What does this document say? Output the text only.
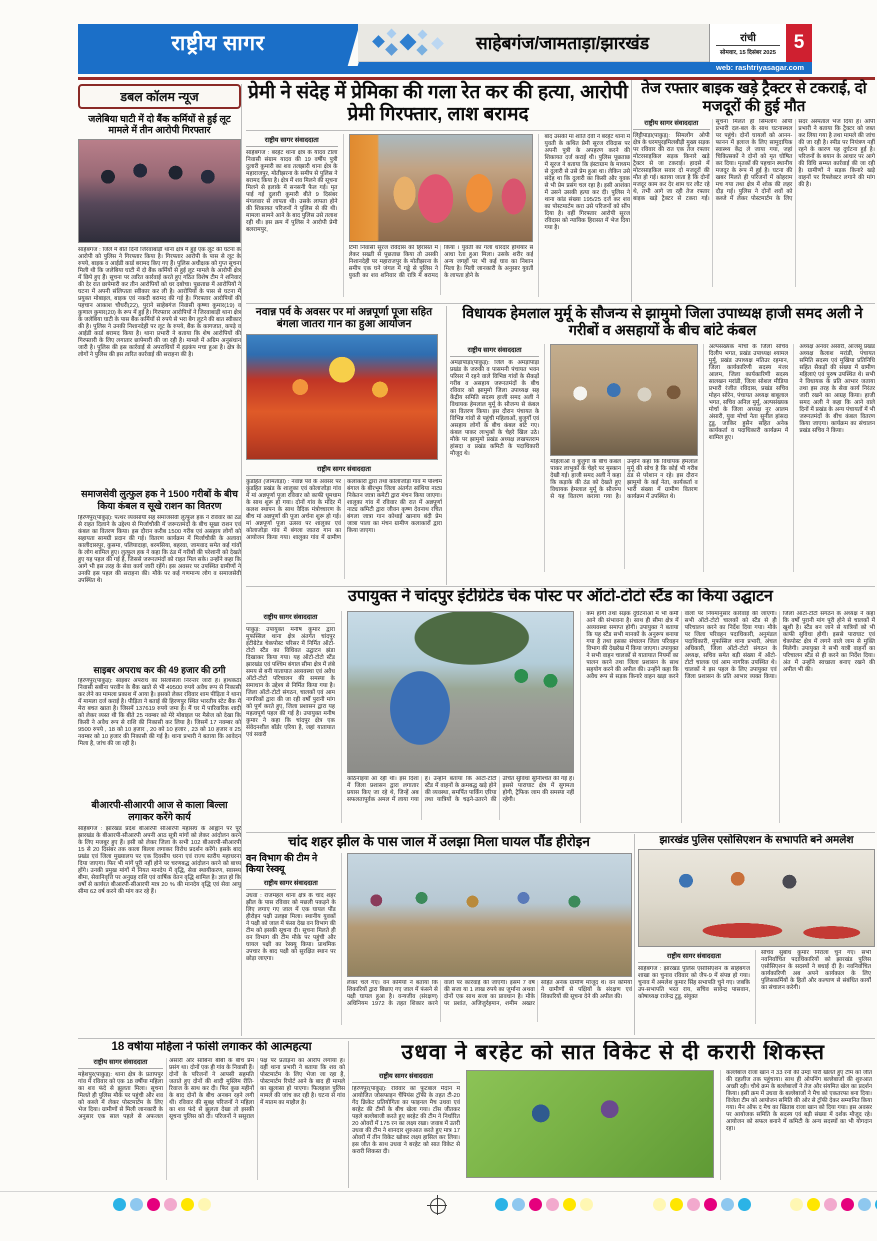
राष्ट्रीय सागर	साहेबगंज/जामताड़ा/झारखंड	रांची
सोमवार, 15 दिसंबर 2025 5
web: rashtriyasagar.com
डबल कॉलम न्यूज
जलेबिया घाटी में दो बैंक कर्मियों से हुई लूट मामले में तीन आरोपी गिरफ्तार
साहेबगंज : जिले में बीते दिनों जिरवाबाड़ी थाना क्षेत्र में हुई एक लूट की घटना के आरोपी को पुलिस ने गिरफ्तार किया है। गिरफ्तार आरोपी के पास से लूट के रुपये, बाइक व आईडी कार्ड बरामद किए गए हैं। पुलिस अधीक्षक को गुप्त सूचना मिली थी कि जलेबिया घाटी में दो बैंक कर्मियों से हुई लूट मामले के आरोपी क्षेत्र में छिपे हुए हैं। सूचना पर त्वरित कार्रवाई करते हुए गठित विशेष टीम ने शनिवार की देर रात छापेमारी कर तीन आरोपियों को धर दबोचा। पूछताछ में आरोपियों ने घटना में अपनी संलिप्तता स्वीकार कर ली है। आरोपियों के पास से घटना में प्रयुक्त मोबाइल, बाइक एवं नकदी बरामद की गई है। गिरफ्तार आरोपियों की पहचान आकाश चौधरी(22), पुराने साहेबगंज निवासी कृष्णा कुमार(19) व कुणाल कुमार(20) के रूप में हुई है। गिरफ्तार आरोपियों ने जिरवाबाड़ी थाना क्षेत्र के जलेबिया घाटी के पास बैंक कर्मियों से रुपये से भरा बैग लूटने की बात स्वीकार की है। पुलिस ने उनकी निशानदेही पर लूट के रुपये, बैंक के कागजात, कपड़े व आईडी कार्ड बरामद किया है। थाना प्रभारी ने बताया कि शेष आरोपियों की गिरफ्तारी के लिए लगातार छापेमारी की जा रही है। मामले में अग्रिम अनुसंधान जारी है। पुलिस की इस कार्रवाई से अपराधियों में हड़कंप मचा हुआ है। क्षेत्र के लोगों ने पुलिस की इस त्वरित कार्रवाई की सराहना की है।
समाजसेवी लुत्फुल हक ने 1500 गरीबों के बीच किया कंबल व सूखे राशन का वितरण
हिरणपुर(पाकुड़): पत्थर व्यवसायी सह समाजसेवी लुत्फुल हक ने रविवार को ठंड से राहत दिलाने के उद्देश्य से मिर्जाचौकी में जरूरतमंदों के बीच सूखा राशन एवं कंबल का वितरण किया। इस दौरान करीब 1500 गरीब एवं असहाय लोगों को सहायता सामग्री प्रदान की गई। वितरण कार्यक्रम में मिर्जाचौकी के अलावा कालीदासपुर, कुसमा, पलियादाहा, बरमसिया, बहरवा, जामवाद समेत कई गांवों के लोग शामिल हुए। लुत्फुल हक ने कहा कि ठंड में गरीबों की परेशानी को देखते हुए यह पहल की गई है, जिससे जरूरतमंदों को राहत मिल सके। उन्होंने कहा कि आगे भी इस तरह के सेवा कार्य जारी रहेंगे। इस अवसर पर उपस्थित ग्रामीणों ने उनकी इस पहल की सराहना की। मौके पर कई गणमान्य लोग व समाजसेवी उपस्थित थे।
साइबर अपराध कर की 49 हजार की ठगी
हिरणपुर(पाकुड़): साइबर अपराध का सिलसिला निरन्तर जारी है। हाथकठी निवासी सबीना परवीन के बैंक खाते से भी 49500 रुपये अवैध रूप से निकासी कर लेने का मामला प्रकाश में आया है। इसको लेकर रविवार शाम पीड़िता ने थाना में मामला दर्ज कराई है। पीड़िता ने बताई की हिरणपुर स्थित भारतीय स्टेट बैंक में मेरा बचत खाता है। जिसमें 137619 रुपये जमा है। मैं घर में पारिवारिक शादी को लेकर व्यस्त थी कि बीते 25 नवम्बर को मेरे मोबाइल पर मैसेज को देखा कि किसी ने अवैध रूप से राशि की निकासी कर लिया है। जिसमें 17 नवम्बर को 9500 रुपये , 18 को 10 हजार , 20 को 10 हजार , 23 को 10 हजार व 25 नवम्बर को 10 हजार की निकासी की गई है। थाना प्रभारी ने बताया कि आवेदन मिला है, जांच की जा रही है।
बीआरपी-सीआरपी आज से काला बिल्ला लगाकर करेंगे कार्य
साहेबगंज : झारखंड प्रदेश बीआरपी सीआरपी महासंघ के आह्वान पर पूरे झारखंड के बीआरपी-सीआरपी अपनी आठ सूत्री मांगों को लेकर आंदोलन करने के लिए मजबूर हुए हैं। इसी को लेकर जिला के सभी 102 बीआरपी-सीआरपी 15 से 20 दिसंबर तक काला बिल्ला लगाकर विरोध प्रदर्शन करेंगे। इसके बाद प्रखंड एवं जिला मुख्यालय पर एक दिवसीय धरना एवं राज्य स्तरीय महाधरना दिया जाएगा। फिर भी मांगें पूरी नहीं होने पर चरणबद्ध आंदोलन करने को बाध्य होंगे। उनकी प्रमुख मांगों में नियत मानदेय में वृद्धि, सेवा स्थायीकरण, स्वास्थ्य बीमा, सेवानिवृत्ति पर अनुग्रह राशि एवं वार्षिक वेतन वृद्धि शामिल है। ज्ञात हो कि वर्षों से कार्यरत बीआरपी-सीआरपी मात्र 20 % की मानदेय वृद्धि एवं सेवा आयु सीमा 62 वर्ष करने की मांग कर रहे हैं।
प्रेमी ने संदेह में प्रेमिका की गला रेत कर की हत्या, आरोपी प्रेमी गिरफ्तार, लाश बरामद
राष्ट्रीय सागर संवाददाता
साहेबगंज : बरहेट थाना क्षेत्र के यादव टोला निवासी संग्राम यादव की 19 वर्षीय पुत्री दुलारी कुमारी का शव तलझारी थाना क्षेत्र के महाराजपुर, मोतीझरना के समीप से पुलिस ने बरामद किया है। क्षेत्र में शव मिलने की सूचना मिलने से इलाके में सनसनी फैल गई। मृत पाई गई दुलारी कुमारी बीते 9 दिसंबर मंगलवार से लापता थी। उसके लापता होने की शिकायत परिजनों ने पुलिस से की थी। मामला सामने आने के बाद पुलिस उसे तलाश रही थी। इस क्रम में पुलिस ने आरोपी प्रेमी बलरामपुर,
टिमी निवासी सूरज रविदास को हिरासत में लेकर सख्ती से पूछताछ किया तो उसकी निशानदेही पर महाराजपुर के मोतीझरना के समीप एक घने जंगल में गड्ढे से पुलिस ने युवती का शव शनिवार की रात्रि में बरामद किया । युवती का गला धारदार हथियार से आधा रेता हुआ मिला। उसके शरीर कई अन्य जगहों पर भी कई घाव का निशान मिला है। मिली जानकारी के अनुसार युवती के लापता होने के
बाद उसकी मां शांति देवी ने बरहेट थाना में युवती के कथित प्रेमी सूरज रविदास पर अपनी पुत्री के अपहरण करने की शिकायत दर्ज कराई थी। पुलिस पूछताछ में सूरज ने बताया कि इंस्टाग्राम के माध्यम से दुलारी से उसे प्रेम हुआ था। लेकिन उसे संदेह था कि दुलारी का किसी और युवक से भी प्रेम प्रसंग चल रहा है। इसी आशंका में उसने उसकी हत्या कर दी। पुलिस ने थाना कांड संख्या 195/25 दर्ज कर शव का पोस्टमार्टम करा उसे परिजनों को सौंप दिया है। वहीं गिरफ्तार आरोपी सूरज रविदास को न्यायिक हिरासत में भेज दिया गया है।
तेज रफ्तार बाइक खड़े ट्रैक्टर से टकराई, दो मजदूरों की हुई मौत
राष्ट्रीय सागर संवाददाता
लिट्टीपाड़ा(पाकुड़): सिमलोंग ओपी क्षेत्र के धरमपुरइमिलबीड़ी मुख्य सड़क पर रविवार की रात एक तेज रफ्तार मोटरसाइकिल सड़क किनारे खड़े ट्रैक्टर से जा टकराई। हादसे में मोटरसाइकिल सवार दो मजदूरों की मौत हो गई। बताया जाता है कि दोनों मजदूर काम कर देर शाम घर लौट रहे थे, तभी आगे जा रही तेज रफ्तार बाइक खड़े ट्रैक्टर से टकरा गई। सूचना मिलते ही सिमलोंग ओपी प्रभारी दल-बल के साथ घटनास्थल पर पहुंचे। दोनों घायलों को आनन-फानन में इलाज के लिए सामुदायिक स्वास्थ्य केंद्र ले जाया गया, जहां चिकित्सकों ने दोनों को मृत घोषित कर दिया। मृतकों की पहचान स्थानीय मजदूर के रूप में हुई है। घटना की खबर मिलते ही परिजनों में कोहराम मच गया तथा क्षेत्र में शोक की लहर दौड़ गई। पुलिस ने दोनों शवों को कब्जे में लेकर पोस्टमार्टम के लिए सदर अस्पताल भेज दिया है। ओपी प्रभारी ने बताया कि ट्रैक्टर को जब्त कर लिया गया है तथा मामले की जांच की जा रही है। स्पीड पर नियंत्रण नहीं रहने के कारण यह दुर्घटना हुई है। परिजनों के बयान के आधार पर आगे की विधि सम्मत कार्रवाई की जा रही है। ग्रामीणों ने सड़क किनारे खड़े वाहनों पर रिफ्लेक्टर लगाने की मांग की है।
नवान्न पर्व के अवसर पर मां अन्नपूर्णा पूजा सहित बंगला जातरा गान का हुआ आयोजन
राष्ट्रीय सागर संवाददाता
कुंडहित (जामताड़ा) : नवान्न पर्व के अवसर पर कुंडहित प्रखंड के शालुका एवं कोलाजोड़ा गांव में मां अन्नपूर्णा पूजा रविवार को काफी धूमधाम के साथ शुरू हो गया। दोनों गांव के मंदिर में कलश स्थापन के साथ वैदिक मंत्रोच्चारण के बीच मां अन्नपूर्णा की पूजा अर्चना शुरू हो गई। मां अन्नपूर्णा पूजा उत्सव पर शालुका एवं कोलाजोड़ा गांव में बंगला जातरा गान का आयोजन किया गया। शालुका गांव में ग्रामीण कलाकारों द्वारा तथा कोलाजोड़ा गांव में पश्चिम बंगाल के बीरभूम जिला अंतर्गत सांथिया नाट्य निकेतन जात्रा कमेटी द्वारा मंचन किया जाएगा। शालुका गांव में रविवार की रात में अन्नपूर्णा नाट्य कमिटी द्वारा जीवन कृष्ण देवनाथ रचित बंगला जात्रा गान कोथाई खानाय बंदी प्रेम जात्रा पाला का मंचन ग्रामीण कलाकारों द्वारा किया जाएगा।
विधायक हेमलाल मुर्मू के सौजन्य से झामुमो जिला उपाध्यक्ष हाजी समद अली ने गरीबों व असहायों के बीच बांटे कंबल
राष्ट्रीय सागर संवाददाता
अमड़ापाड़ा(पाकुड़): जिले के अमड़ापाड़ा प्रखंड के जरुकी व पासमनी पंचायत भवन परिसर में रहने वाले विभिन्न गांवों के सैकड़ों गरीब व असहाय जरूरतमंदों के बीच रविवार को झामुमो जिला उपाध्यक्ष सह केंद्रीय समिति सदस्य हाजी समद अली ने विधायक हेमलाल मुर्मू के सौजन्य से कंबल का वितरण किया। इस दौरान पंचायत के विभिन्न गांवों से पहुंची महिलाओं, बुजुर्गों एवं असहाय लोगों के बीच कंबल बांटे गए। कंबल पाकर लाभुकों के चेहरे खिल उठे। मौके पर झामुमो प्रखंड अध्यक्ष लखपतराम हांसदा व प्रखंड कमिटी के पदाधिकारी मौजूद थे।
महिलाओं व बुजुर्गों के बीच कंबल पाकर लाभुकों के चेहरे पर मुस्कान देखी गई। हाजी समद अली ने कहा कि कड़ाके की ठंड को देखते हुए विधायक हेमलाल मुर्मू के सौजन्य से यह वितरण कराया गया है। उन्होंने कहा कि विधायक हेमलाल मुर्मू की सोच है कि कोई भी गरीब ठंड से परेशान न रहे। इस दौरान झामुमो के कई नेता, कार्यकर्ता व भारी संख्या में ग्रामीण वितरण कार्यक्रम में उपस्थित थे।
अल्पसंख्यक मोर्चा के जिला सचिव दिलीप भगत, प्रखंड उपाध्यक्ष श्यामल मुर्मू, प्रखंड उपाध्यक्ष मतिउर रहमान, जिला कार्यकारिणी सदस्य मंजर आलम, जिला कार्यकारिणी सदस्य सालखन मरांडी, जिला सोशल मीडिया प्रभारी रंजीत रविदास, प्रखंड सचिव मोहन सोरेन, पंचायत अध्यक्ष बाबूलाल भगत, सचिव अनिल मुर्मू, अल्पसंख्यक मोर्चा के जिला अध्यक्ष नूर आलम अंसारी, युवा मोर्चा नेता सुनील हांसदा टुडू, जाकिर हुसैन सहित अनेक कार्यकर्ता व पदाधिकारी कार्यक्रम में शामिल हुए।
अध्यक्ष अनवर अंसारी, आजसू प्रखंड अध्यक्ष कैलाश मरांडी, पंचायत समिति सदस्य एवं मुखिया प्रतिनिधि सहित सैकड़ों की संख्या में ग्रामीण महिलाएं एवं पुरुष उपस्थित थे। सभी ने विधायक के प्रति आभार जताया तथा इस तरह के सेवा कार्य निरंतर जारी रखने का आग्रह किया। हाजी समद अली ने कहा कि आने वाले दिनों में प्रखंड के अन्य पंचायतों में भी जरूरतमंदों के बीच कंबल वितरण किया जाएगा। कार्यक्रम का संचालन प्रखंड सचिव ने किया।
उपायुक्त ने चांदपुर इंटीग्रेटेड चेक पोस्ट पर ऑटो-टोटो स्टैंड का किया उद्घाटन
राष्ट्रीय सागर संवाददाता
पाकुड़: उपायुक्त मनीष कुमार द्वारा मुफस्सिल थाना क्षेत्र अंतर्गत चांदपुर इंटीग्रेटेड चेकपोस्ट परिसर में निर्मित ऑटो-टोटो स्टैंड का विधिवत उद्घाटन झंडा दिखाकर किया गया। यह ऑटो-टोटो स्टैंड झारखंड एवं पश्चिम बंगाल सीमा क्षेत्र में लंबे समय से बनी यातायात अव्यवस्था एवं अवैध ऑटो-टोटो परिचालन की समस्या के समाधान के उद्देश्य से निर्मित किया गया है। जिला ऑटो-टोटो संगठन, चालकों एवं आम नागरिकों द्वारा की जा रही वर्षों पुरानी मांग को पूर्ण करते हुए, जिला प्रशासन द्वारा यह महत्वपूर्ण पहल की गई है। उपायुक्त मनीष कुमार ने कहा कि चांदपुर क्षेत्र एक संवेदनशील बॉर्डर एरिया है, जहां यातायात एवं सवारी
कठिनाइयाँ आ रही थीं। इस दिशा में जिला प्रशासन द्वारा लगातार प्रयास किए जा रहे थे, जिन्हें अब सफलतापूर्वक अमल में लाया गया है। उन्होंने बताया कि ऑटो-टोटो स्टैंड में वाहनों के क्रमबद्ध खड़े होने की व्यवस्था, समर्पित पार्किंग एरिया तथा यात्रियों के चढ़ने-उतरने की उचित सुविधा सुनिश्चित की गई है। इससे पाराघाट क्षेत्र में सुगमता होगी, ट्रैफिक जाम की समस्या नहीं रहेगी।
कम होंगी तथा सड़क दुर्घटनाओं में भी कमी आने की संभावना है। साथ ही सीमा क्षेत्र में अव्यवस्था समाप्त होगी। उपायुक्त ने बताया कि यह स्टैंड सभी मानकों के अनुरूप बनाया गया है तथा इसका संचालन जिला परिवहन विभाग की देखरेख में किया जाएगा। उपायुक्त ने सभी वाहन चालकों से यातायात नियमों का पालन करने तथा जिला प्रशासन के साथ सहयोग करने की अपील की। उन्होंने कहा कि अवैध रूप से सड़क किनारे वाहन खड़ा करने वालों पर नियमानुसार कार्रवाई की जाएगी। सभी ऑटो-टोटो चालकों को स्टैंड से ही परिचालन करने का निर्देश दिया गया। मौके पर जिला परिवहन पदाधिकारी, अनुमंडल पदाधिकारी, मुफस्सिल थाना प्रभारी, अंचल अधिकारी, जिला ऑटो-टोटो संगठन के अध्यक्ष, सचिव समेत बड़ी संख्या में ऑटो-टोटो चालक एवं आम नागरिक उपस्थित थे। चालकों ने इस पहल के लिए उपायुक्त एवं जिला प्रशासन के प्रति आभार व्यक्त किया। जिला ऑटो-टोटो संगठन के अध्यक्ष ने कहा कि वर्षों पुरानी मांग पूरी होने से चालकों में खुशी है। स्टैंड बन जाने से यात्रियों को भी काफी सुविधा होगी। इससे पाराघाट एवं चेकपोस्ट क्षेत्र में लगने वाले जाम से मुक्ति मिलेगी। उपायुक्त ने सभी यात्री वाहनों का परिचालन स्टैंड से ही करने का निर्देश दिया। अंत में उन्होंने स्वच्छता बनाए रखने की अपील भी की।
चांद शहर झील के पास जाल में उलझा मिला घायल पौंड हीरोइन
वन विभाग की टीम ने किया रेस्क्यू
राष्ट्रीय सागर संवाददाता
उधवा : राजमहल थाना क्षेत्र के चांद शहर झील के पास रविवार को मछली पकड़ने के लिए लगाए गए जाल में एक घायल पौंड हीरोइन पक्षी उलझा मिला। स्थानीय युवकों ने पक्षी को जाल में फंसा देख वन विभाग की टीम को इसकी सूचना दी। सूचना मिलते ही वन विभाग की टीम मौके पर पहुंची और घायल पक्षी का रेस्क्यू किया। प्राथमिक उपचार के बाद पक्षी को सुरक्षित स्थान पर छोड़ा जाएगा।
लेकर चले गए। वन कर्मियों ने बताया कि शिकारियों द्वारा बिछाए गए जाल में फंसने से पक्षी घायल हुआ है। वन्यजीव (संरक्षण) अधिनियम 1972 के तहत शिकार करने वालों पर कार्रवाई की जाएगी। इसमें 7 वर्ष की सजा या 1 लाख रुपये का जुर्माना अथवा दोनों एक साथ सजा का प्रावधान है। मौके पर प्रशांत, अजिजुर्रहमान, शमीम अख्तर सहित अनेक ग्रामीण मौजूद थे। वन कर्मियों ने ग्रामीणों से पक्षियों के संरक्षण एवं शिकारियों की सूचना देने की अपील की।
झारखंड पुलिस एसोसिएशन के सभापति बने अमलेश
राष्ट्रीय सागर संवाददाता
साहेबगंज : झारखंड पुलिस एसोसिएशन के साहेबगंज शाखा का चुनाव रविवार को जैप-9 में संपन्न हो गया। चुनाव में अमलेश कुमार सिंह सभापति चुने गए। जबकि उप-सभापति भरत राय, सचिव सावेन्द्र पासवान, कोषाध्यक्ष राजेन्द्र टुडू, संयुक्त
सचिव सुबोध कुमार निराला चुने गए। सभी नवनिर्वाचित पदाधिकारियों को झारखंड पुलिस एसोसिएशन के सदस्यों ने बधाई दी है। नवनिर्वाचित कार्यकारिणी अब अपने कार्यकाल के लिए पुलिसकर्मियों के हितों और कल्याण से संबंधित कार्यों का संचालन करेगी।
18 वर्षीया महिला ने फांसी लगाकर की आत्महत्या
राष्ट्रीय सागर संवाददाता
महेशपुर(पाकुड़): थाना क्षेत्र के प्रतापपुर गांव में रविवार को एक 18 वर्षीया महिला का शव फंदे से झूलता मिला। सूचना मिलते ही पुलिस मौके पर पहुंची और शव को कब्जे में लेकर पोस्टमार्टम के लिए भेज दिया। ग्रामीणों से मिली जानकारी के अनुसार एक साल पहले से अफजल अंसारी और साबिना बीबी के बीच प्रेम प्रसंग था। दोनों एक ही गांव के निवासी हैं। दोनों के परिजनों ने आपसी सहमति जताते हुए दोनों की शादी मुस्लिम रीति-रिवाज के साथ कर दी। फिर कुछ महीनों के बाद दोनों के बीच अनबन रहने लगी थी। रविवार की सुबह परिजनों ने महिला का शव फंदे से झूलता देखा तो इसकी सूचना पुलिस को दी। परिजनों ने ससुराल पक्ष पर प्रताड़ना का आरोप लगाया है। वहीं थाना प्रभारी ने बताया कि शव को पोस्टमार्टम के लिए भेजा जा रहा है, पोस्टमार्टम रिपोर्ट आने के बाद ही मामले का खुलासा हो पाएगा। फिलहाल पुलिस मामले की जांच कर रही है। घटना से गांव में मातम का माहौल है।
उधवा ने बरहेट को सात विकेट से दी करारी शिकस्त
राष्ट्रीय सागर संवाददाता
हिरणपुर(पाकुड़): रविवार को फुटबॉल मैदान में आयोजित जोसफाइन चैंपियंस ट्रॉफी के तहत टी-20 गेंद क्रिकेट प्रतियोगिता का फाइनल मैच उधवा एवं बरहेट की टीमों के बीच खेला गया। टॉस जीतकर पहले बल्लेबाजी करते हुए बरहेट की टीम ने निर्धारित 20 ओवरों में 175 रन का लक्ष्य रखा। जवाब में उतरी उधवा की टीम ने शानदार शुरुआत करते हुए मात्र 17 ओवरों में तीन विकेट खोकर लक्ष्य हासिल कर लिया। इस जीत के साथ उधवा ने बरहेट को सात विकेट से करारी शिकस्त दी।
कल्लेबाज राजा खान ने 33 रनों की उम्दा पारी खेलते हुए टीम को जीत की दहलीज तक पहुंचाया। साथ ही ओपनिंग बल्लेबाजों की शुरुआत अच्छी रही। चौथे क्रम के बल्लेबाजों ने तेज और संयमित खेल का प्रदर्शन किया। इसी क्रम में उधवा के बल्लेबाजों ने मैच को एकतरफा बना दिया। विजेता टीम को आयोजन समिति की ओर से ट्रॉफी देकर सम्मानित किया गया। मैन ऑफ द मैच का खिताब राजा खान को दिया गया। इस अवसर पर आयोजक समिति के सदस्य एवं बड़ी संख्या में दर्शक मौजूद रहे। आयोजन को सफल बनाने में कमिटी के अन्य सदस्यों का भी योगदान रहा।
